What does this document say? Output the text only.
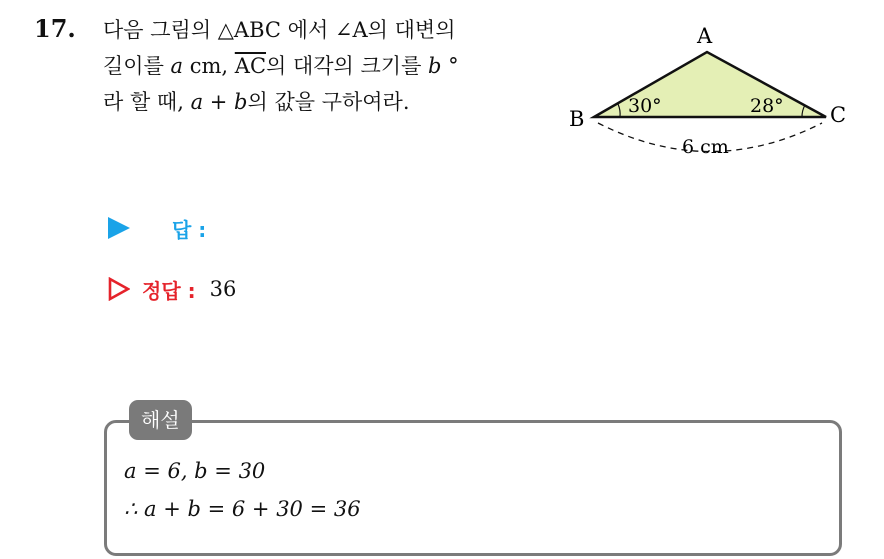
17. 다음 그림의 △ABC 에서 ∠A의 대변의
길이를 a cm, $\overline{AC}$의 대각의 크기를 b °
라 할 때, a + b의 값을 구하여라.
A
B	C
30°	28°
6 cm
답 :
정답 : 36
해설
a = 6, b = 30
∴ a + b = 6 + 30 = 36
